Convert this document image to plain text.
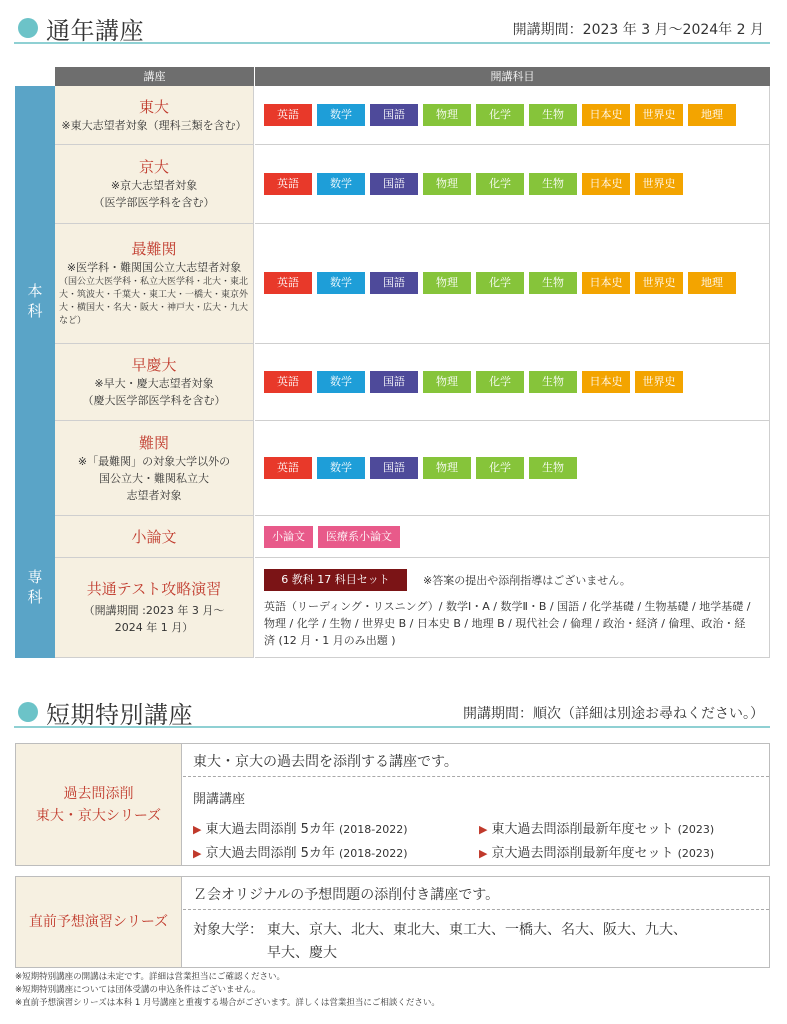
通年講座	開講期間：2023 年 3 月〜2024年 2 月
講座	開講科目
本
科
専
科
東大
※東大志望者対象（理科三類を含む）
英語	数学	国語	物理	化学	生物	日本史	世界史	地理
京大
※京大志望者対象
（医学部医学科を含む）
英語	数学	国語	物理	化学	生物	日本史	世界史
最難関
※医学科・難関国公立大志望者対象
（国公立大医学科・私立大医学科・北大・東北大・筑波大・千葉大・東工大・一橋大・東京外大・横国大・名大・阪大・神戸大・広大・九大など）
英語	数学	国語	物理	化学	生物	日本史	世界史	地理
早慶大
※早大・慶大志望者対象
（慶大医学部医学科を含む）
英語	数学	国語	物理	化学	生物	日本史	世界史
難関
※「最難関」の対象大学以外の
国公立大・難関私立大
志望者対象
英語	数学	国語	物理	化学	生物
小論文	小論文	医療系小論文
共通テスト攻略演習
（開講期間 :2023 年 3 月〜
2024 年 1 月）
6 教科 17 科目セット	※答案の提出や添削指導はございません。
英語（リーディング・リスニング）/ 数学Ⅰ・A / 数学Ⅱ・B / 国語 / 化学基礎 / 生物基礎 / 地学基礎 / 物理 / 化学 / 生物 / 世界史 B / 日本史 B / 地理 B / 現代社会 / 倫理 / 政治・経済 / 倫理、政治・経済 (12 月・1 月のみ出題 )
短期特別講座	開講期間：順次（詳細は別途お尋ねください。）
過去問添削
東大・京大シリーズ
東大・京大の過去問を添削する講座です。
開講講座
▶ 東大過去問添削 5カ年 (2018-2022)
▶ 京大過去問添削 5カ年 (2018-2022)
▶ 東大過去問添削最新年度セット (2023)
▶ 京大過去問添削最新年度セット (2023)
直前予想演習シリーズ
Ｚ会オリジナルの予想問題の添削付き講座です。
対象大学： 東大、京大、北大、東北大、東工大、一橋大、名大、阪大、九大、
早大、慶大
※短期特別講座の開講は未定です。詳細は営業担当にご確認ください。
※短期特別講座については団体受講の申込条件はございません。
※直前予想演習シリーズは本科 1 月号講座と重複する場合がございます。詳しくは営業担当にご相談ください。
